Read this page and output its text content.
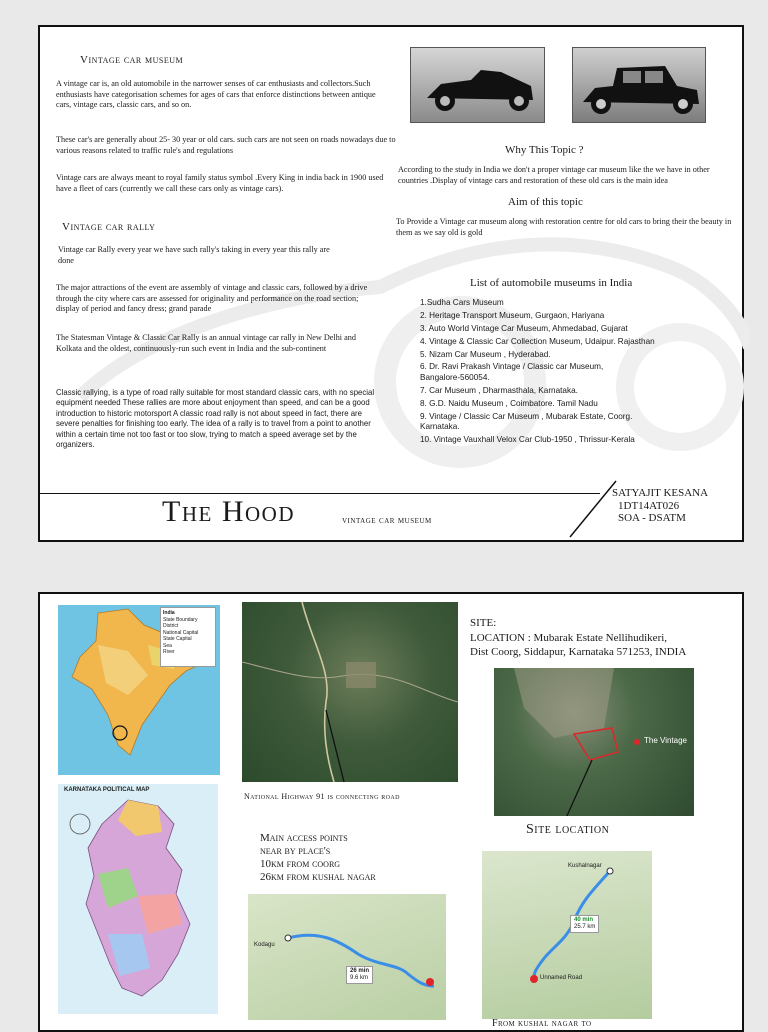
Vintage car museum
A vintage car is, an old automobile in the narrower senses of car enthusiasts and collectors.Such enthusiasts have categorisation schemes for ages of cars that enforce distinctions between antique cars, vintage cars, classic cars, and so on.
These car's are generally about 25- 30 year or old cars. such cars are not seen on roads nowadays due to various reasons related to traffic rule's and regulations
Vintage cars are always meant to royal family status symbol .Every King in india back in 1900 used have a fleet of cars (currently we call these cars only as vintage cars).
Vintage car rally
Vintage car Rally every year we have such rally's taking in every year this rally are done
The major attractions of the event are assembly of vintage and classic cars, followed by a drive through the city where cars are assessed for originality and performance on the road section; display of period and fancy dress; grand parade
The Statesman Vintage & Classic Car Rally is an annual vintage car rally in New Delhi and Kolkata and the oldest, continuously-run such event in India and the sub-continent
Classic rallying, is a type of road rally suitable for most standard classic cars, with no special equipment needed These rallies are more about enjoyment than speed, and can be a good introduction to historic motorsport A classic road rally is not about speed in fact, there are severe penalties for finishing too early. The idea of a rally is to travel from a point to another within a certain time not too fast or too slow, trying to match a speed average set by the organizers.
Why This Topic ?
According to the study in India we don't a proper vintage car museum like the we have in other countries .Display of vintage cars and restoration of these old cars is the main idea
Aim of this topic
To Provide a Vintage car museum along with restoration centre for old cars to bring their the beauty in them as we say old is gold
List of automobile museums in India
1.Sudha Cars Museum
2. Heritage Transport Museum, Gurgaon, Hariyana
3. Auto World Vintage Car Museum, Ahmedabad, Gujarat
4. Vintage & Classic Car Collection Museum, Udaipur. Rajasthan
5. Nizam Car Museum , Hyderabad.
6. Dr. Ravi Prakash Vintage / Classic car Museum, Bangalore-560054.
7. Car Museum , Dharmasthala, Karnataka.
8. G.D. Naidu Museum , Coimbatore. Tamil Nadu
9. Vintage / Classic Car Museum , Mubarak Estate, Coorg. Karnataka.
10. Vintage Vauxhall Velox Car Club-1950 , Thrissur-Kerala
The Hood	vintage car museum
SATYAJIT KESANA
1DT14AT026
SOA - DSATM
India
State Boundary
District
National Capital
State Capital
Sea
River
KARNATAKA POLITICAL MAP
National Highway 91 is connecting road
SITE:
LOCATION : Mubarak Estate Nellihudikeri,
Dist Coorg, Siddapur, Karnataka 571253, INDIA
The Vintage
Site location
Main access points
near by place's
10km from coorg
26km from kushal nagar
Kodagu
26 min
9.6 km
Kushalnagar
40 min
25.7 km
Unnamed Road
From kushal nagar to
